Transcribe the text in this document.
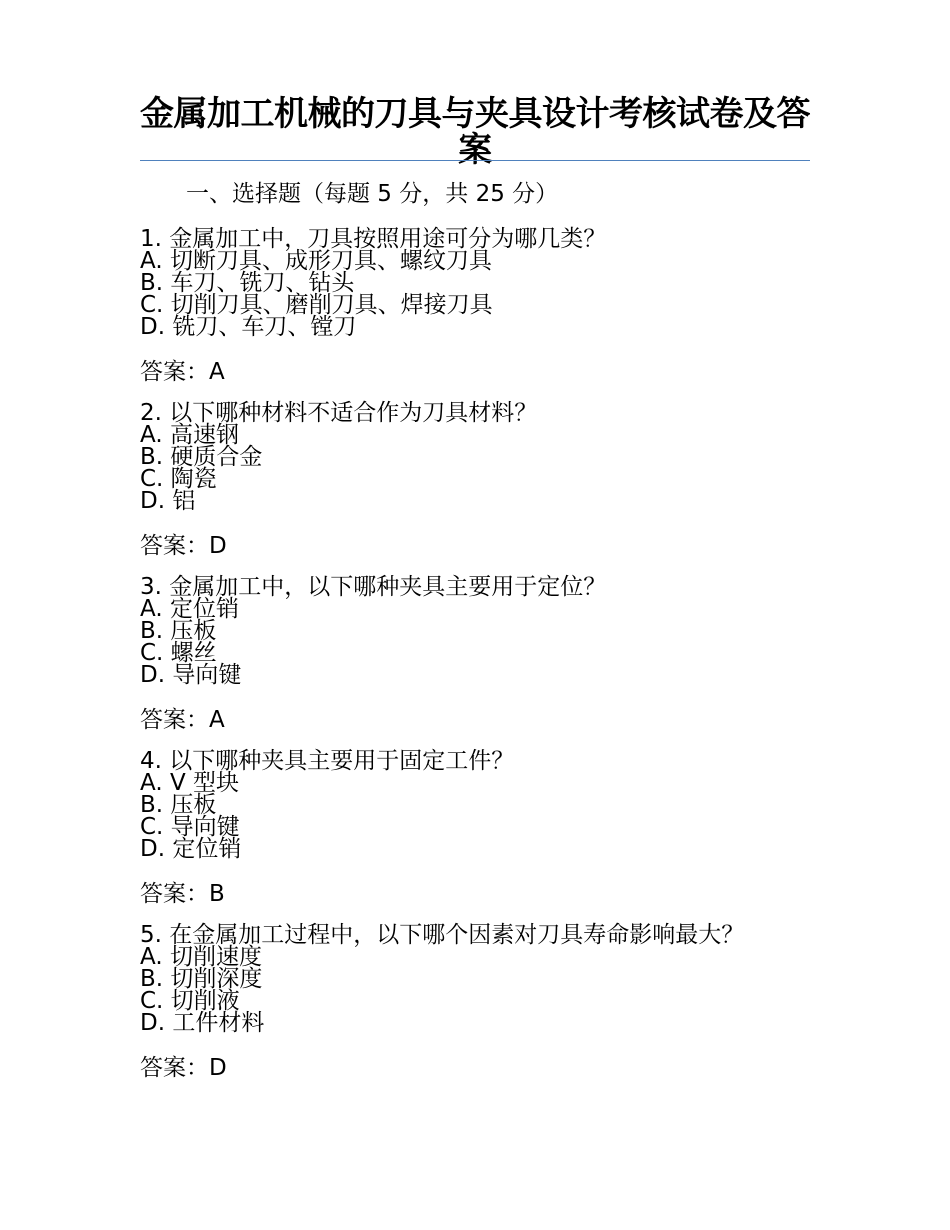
金属加工机械的刀具与夹具设计考核试卷及答案
一、选择题（每题 5 分，共 25 分）
1. 金属加工中，刀具按照用途可分为哪几类？
A. 切断刀具、成形刀具、螺纹刀具
B. 车刀、铣刀、钻头
C. 切削刀具、磨削刀具、焊接刀具
D. 铣刀、车刀、镗刀
答案：A
2. 以下哪种材料不适合作为刀具材料？
A. 高速钢
B. 硬质合金
C. 陶瓷
D. 铝
答案：D
3. 金属加工中，以下哪种夹具主要用于定位？
A. 定位销
B. 压板
C. 螺丝
D. 导向键
答案：A
4. 以下哪种夹具主要用于固定工件？
A. V 型块
B. 压板
C. 导向键
D. 定位销
答案：B
5. 在金属加工过程中，以下哪个因素对刀具寿命影响最大？
A. 切削速度
B. 切削深度
C. 切削液
D. 工件材料
答案：D
